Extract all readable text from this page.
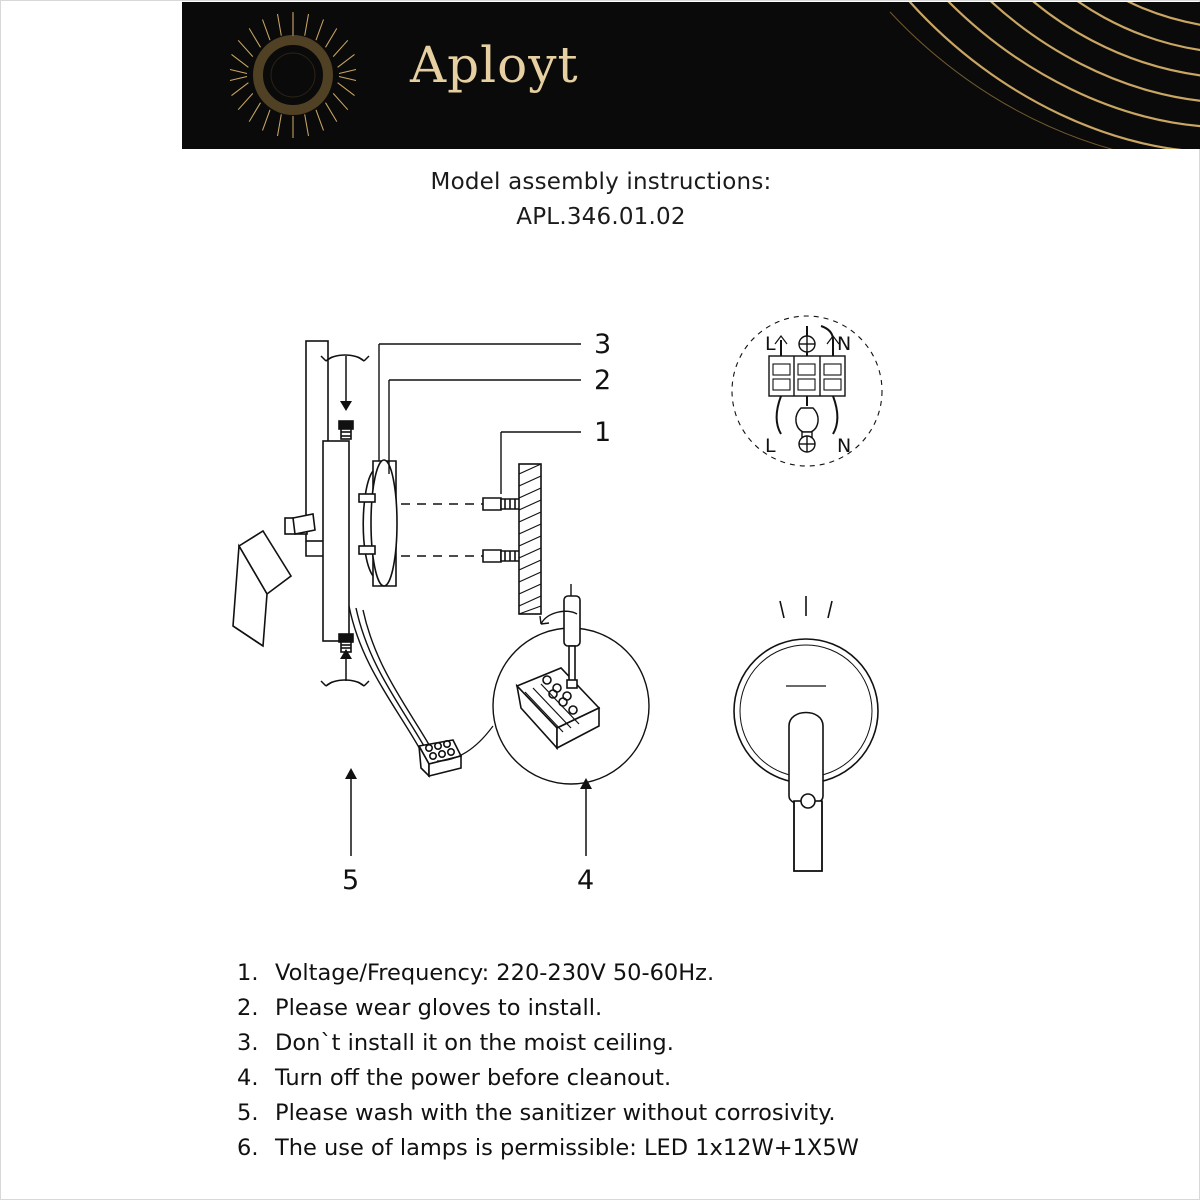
Aployt
Model assembly instructions:
APL.346.01.02
3
2
1
5	4
L	N
L	N
1. Voltage/Frequency: 220-230V 50-60Hz.
2. Please wear gloves to install.
3. Don`t install it on the moist ceiling.
4. Turn off the power before cleanout.
5. Please wash with the sanitizer without corrosivity.
6. The use of lamps is permissible: LED 1x12W+1X5W
